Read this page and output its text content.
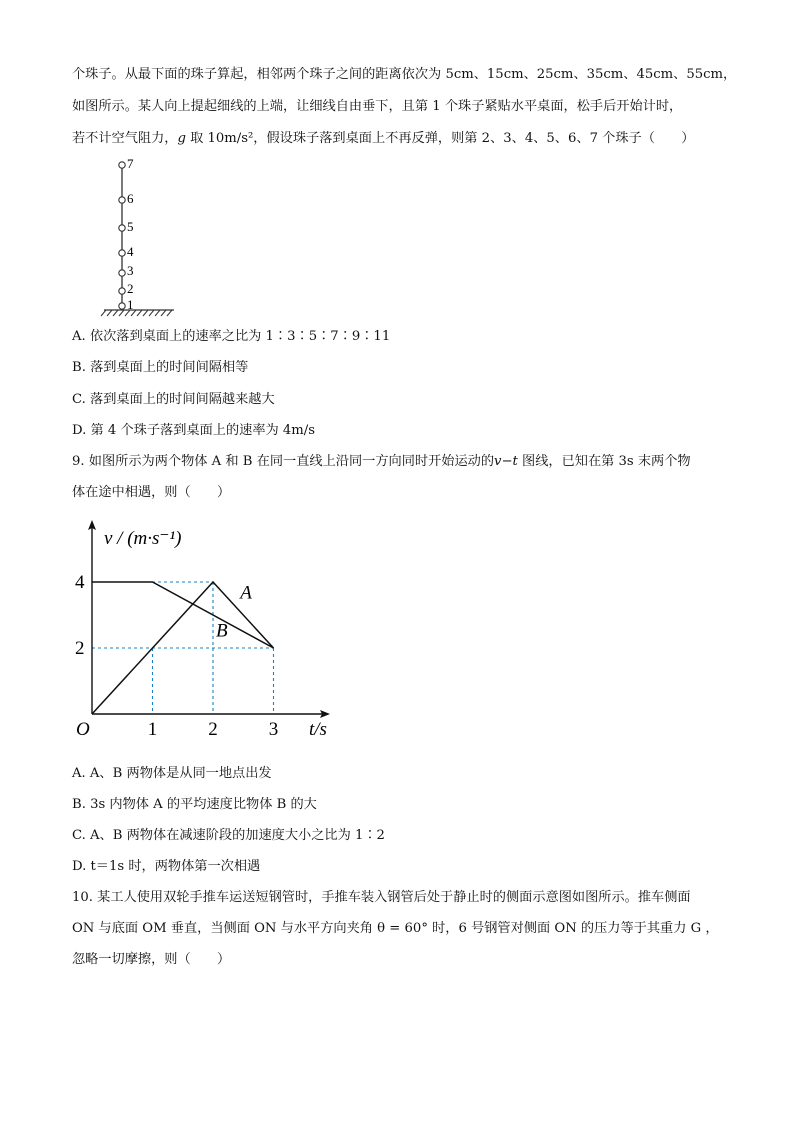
个珠子。从最下面的珠子算起，相邻两个珠子之间的距离依次为 5cm、15cm、25cm、35cm、45cm、55cm，
如图所示。某人向上提起细线的上端，让细线自由垂下，且第 1 个珠子紧贴水平桌面，松手后开始计时，
若不计空气阻力，g 取 10m/s²，假设珠子落到桌面上不再反弹，则第 2、3、4、5、6、7 个珠子（　　）
1
2
3
4
5
6
7
A. 依次落到桌面上的速率之比为 1∶3∶5∶7∶9∶11
B. 落到桌面上的时间间隔相等
C. 落到桌面上的时间间隔越来越大
D. 第 4 个珠子落到桌面上的速率为 4m/s
9. 如图所示为两个物体 A 和 B 在同一直线上沿同一方向同时开始运动的v−t 图线，已知在第 3s 末两个物
体在途中相遇，则（　　）
v / (m·s⁻¹)
t/s
O	1	2	3
2
4	A
B
A. A、B 两物体是从同一地点出发
B. 3s 内物体 A 的平均速度比物体 B 的大
C. A、B 两物体在减速阶段的加速度大小之比为 1∶2
D. t＝1s 时，两物体第一次相遇
10. 某工人使用双轮手推车运送短钢管时，手推车装入钢管后处于静止时的侧面示意图如图所示。推车侧面
ON 与底面 OM 垂直，当侧面 ON 与水平方向夹角 θ = 60° 时，6 号钢管对侧面 ON 的压力等于其重力 G ，
忽略一切摩擦，则（　　）
